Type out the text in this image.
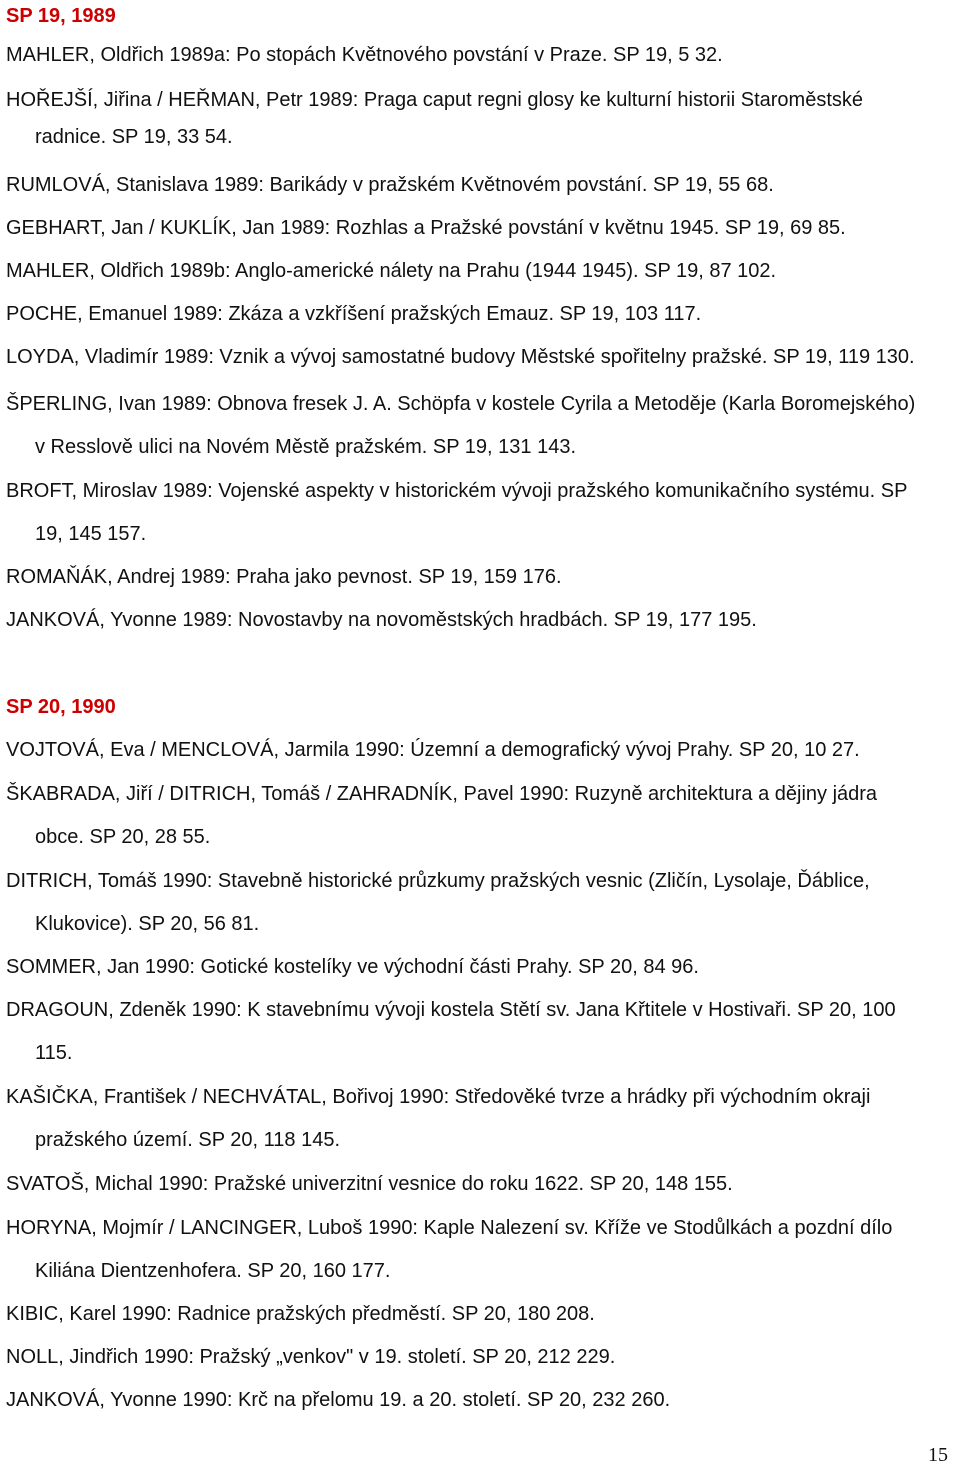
SP 19, 1989

MAHLER, Oldřich 1989a: Po stopách Květnového povstání v Praze. SP 19, 5 32.

HOŘEJŠÍ, Jiřina / HEŘMAN, Petr 1989: Praga caput regni glosy ke kulturní historii Staroměstské
radnice. SP 19, 33 54.

RUMLOVÁ, Stanislava 1989: Barikády v pražském Květnovém povstání. SP 19, 55 68.

GEBHART, Jan / KUKLÍK, Jan 1989: Rozhlas a Pražské povstání v květnu 1945. SP 19, 69 85.

MAHLER, Oldřich 1989b: Anglo-americké nálety na Prahu (1944 1945). SP 19, 87 102.

POCHE, Emanuel 1989: Zkáza a vzkříšení pražských Emauz. SP 19, 103 117.

LOYDA, Vladimír 1989: Vznik a vývoj samostatné budovy Městské spořitelny pražské. SP 19, 119 130.

ŠPERLING, Ivan 1989: Obnova fresek J. A. Schöpfa v kostele Cyrila a Metoděje (Karla Boromejského)
v Resslově ulici na Novém Městě pražském. SP 19, 131 143.

BROFT, Miroslav 1989: Vojenské aspekty v historickém vývoji pražského komunikačního systému. SP
19, 145 157.

ROMAŇÁK, Andrej 1989: Praha jako pevnost. SP 19, 159 176.

JANKOVÁ, Yvonne 1989: Novostavby na novoměstských hradbách. SP 19, 177 195.

SP 20, 1990

VOJTOVÁ, Eva / MENCLOVÁ, Jarmila 1990: Územní a demografický vývoj Prahy. SP 20, 10 27.

ŠKABRADA, Jiří / DITRICH, Tomáš / ZAHRADNÍK, Pavel 1990: Ruzyně architektura a dějiny jádra
obce. SP 20, 28 55.

DITRICH, Tomáš 1990: Stavebně historické průzkumy pražských vesnic (Zličín, Lysolaje, Ďáblice,
Klukovice). SP 20, 56 81.

SOMMER, Jan 1990: Gotické kostelíky ve východní části Prahy. SP 20, 84 96.

DRAGOUN, Zdeněk 1990: K stavebnímu vývoji kostela Stětí sv. Jana Křtitele v Hostivaři. SP 20, 100
115.

KAŠIČKA, František / NECHVÁTAL, Bořivoj 1990: Středověké tvrze a hrádky při východním okraji
pražského území. SP 20, 118 145.

SVATOŠ, Michal 1990: Pražské univerzitní vesnice do roku 1622. SP 20, 148 155.

HORYNA, Mojmír / LANCINGER, Luboš 1990: Kaple Nalezení sv. Kříže ve Stodůlkách a pozdní dílo
Kiliána Dientzenhofera. SP 20, 160 177.

KIBIC, Karel 1990: Radnice pražských předměstí. SP 20, 180 208.

NOLL, Jindřich 1990: Pražský „venkov" v 19. století. SP 20, 212 229.

JANKOVÁ, Yvonne 1990: Krč na přelomu 19. a 20. století. SP 20, 232 260.

15
